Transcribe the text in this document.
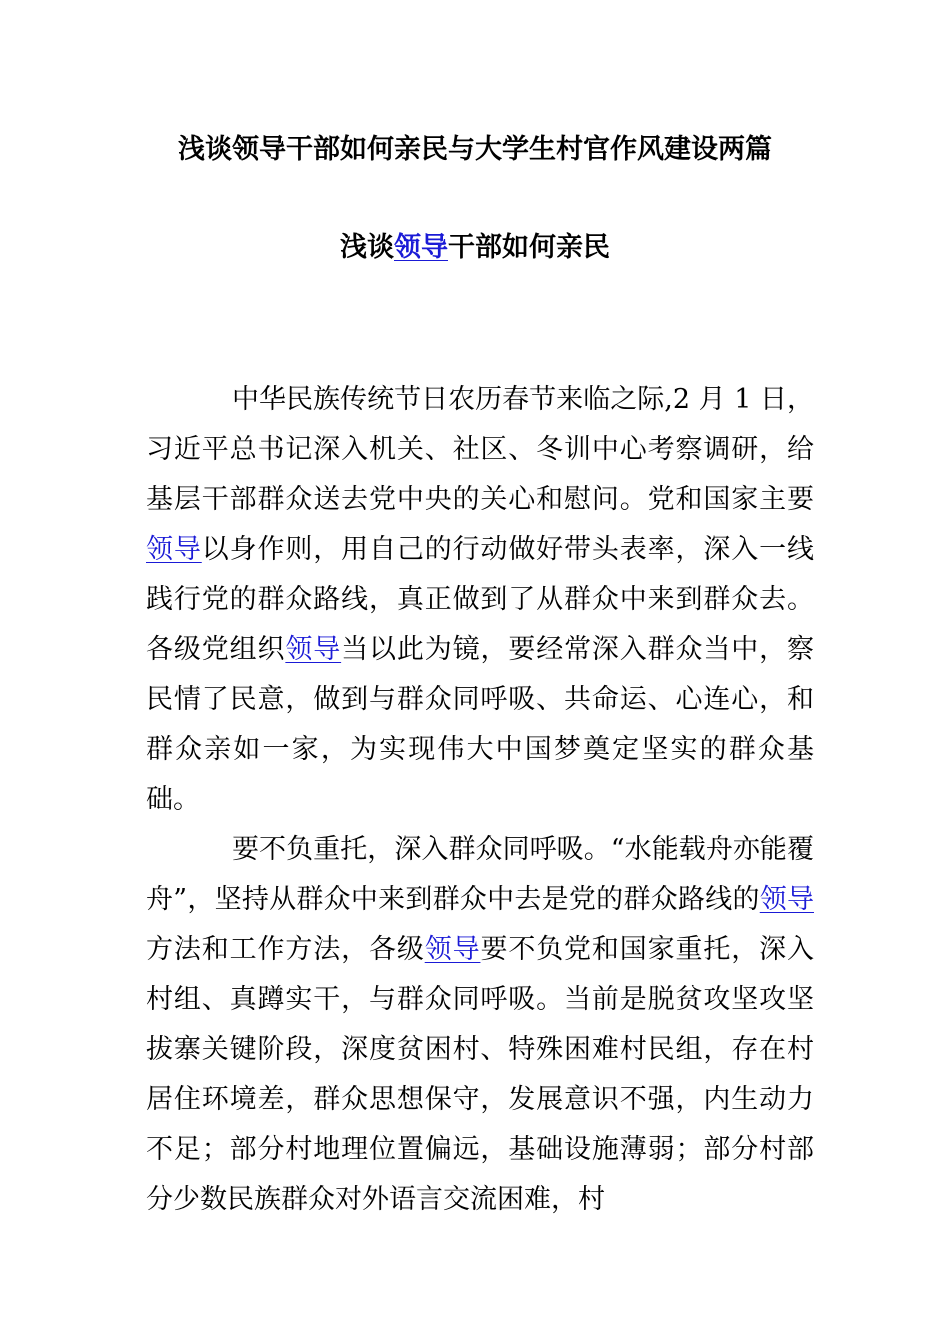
浅谈领导干部如何亲民与大学生村官作风建设两篇
浅谈领导干部如何亲民

中华民族传统节日农历春节来临之际,2 月 1 日，习近平总书记深入机关、社区、冬训中心考察调研，给基层干部群众送去党中央的关心和慰问。党和国家主要领导以身作则，用自己的行动做好带头表率，深入一线践行党的群众路线，真正做到了从群众中来到群众去。各级党组织领导当以此为镜，要经常深入群众当中，察民情了民意，做到与群众同呼吸、共命运、心连心，和群众亲如一家，为实现伟大中国梦奠定坚实的群众基础。

要不负重托，深入群众同呼吸。“水能载舟亦能覆舟”，坚持从群众中来到群众中去是党的群众路线的领导方法和工作方法，各级领导要不负党和国家重托，深入村组、真蹲实干，与群众同呼吸。当前是脱贫攻坚攻坚拔寨关键阶段，深度贫困村、特殊困难村民组，存在村居住环境差，群众思想保守，发展意识不强，内生动力不足；部分村地理位置偏远，基础设施薄弱；部分村部分少数民族群众对外语言交流困难，村
